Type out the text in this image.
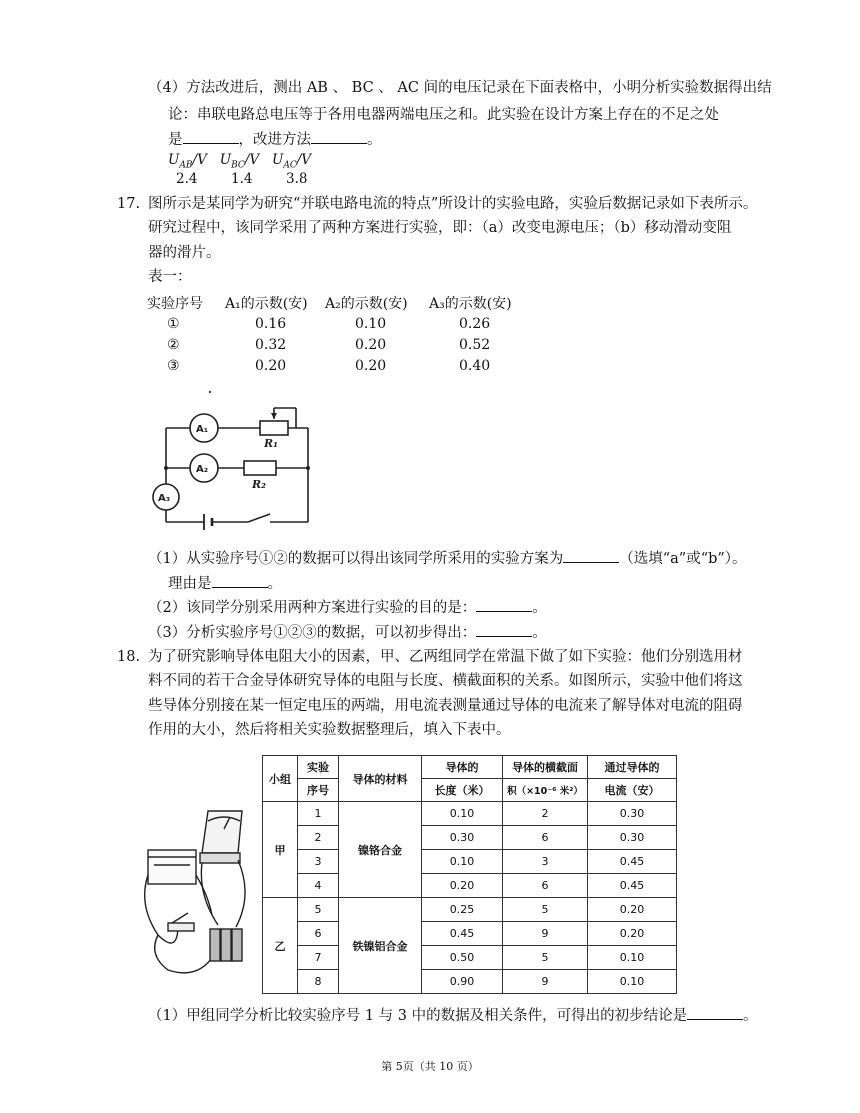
（4）方法改进后，测出 AB 、 BC 、 AC 间的电压记录在下面表格中，小明分析实验数据得出结
论：串联电路总电压等于各用电器两端电压之和。此实验在设计方案上存在的不足之处
是	，改进方法	。
$U_{AB}/V$ $U_{BC}/V$ $U_{AC}/V$
2.4 1.4 3.8
17. 图所示是某同学为研究“并联电路电流的特点”所设计的实验电路，实验后数据记录如下表所示。
研究过程中，该同学采用了两种方案进行实验，即：（a）改变电源电压；（b）移动滑动变阻
器的滑片。
表一：
实验序号	A₁的示数(安)	A₂的示数(安)	A₃的示数(安)
①	0.16	0.10	0.26
②	0.32	0.20	0.52
③	0.20	0.20	0.40
A₁
A₂
A₃
R₁
R₂
（1）从实验序号①②的数据可以得出该同学所采用的实验方案为	（选填“a”或“b”）。
理由是	。
（2）该同学分别采用两种方案进行实验的目的是：	。
（3）分析实验序号①②③的数据，可以初步得出：	。
18. 为了研究影响导体电阻大小的因素，甲、乙两组同学在常温下做了如下实验：他们分别选用材
料不同的若干合金导体研究导体的电阻与长度、横截面积的关系。如图所示，实验中他们将这
些导体分别接在某一恒定电压的两端，用电流表测量通过导体的电流来了解导体对电流的阻碍
作用的大小，然后将相关实验数据整理后，填入下表中。
小组	实验	导体的材料	导体的	导体的横截面	通过导体的
	序号		长度（米）	积（×10⁻⁶ 米²）	电流（安）
甲	1	镍铬合金	0.10	2	0.30
	2		0.30	6	0.30
	3		0.10	3	0.45
	4		0.20	6	0.45
乙	5	铁镍铝合金	0.25	5	0.20
	6		0.45	9	0.20
	7		0.50	5	0.10
	8		0.90	9	0.10
（1）甲组同学分析比较实验序号 1 与 3 中的数据及相关条件，可得出的初步结论是	。
第 5页（共 10 页）
